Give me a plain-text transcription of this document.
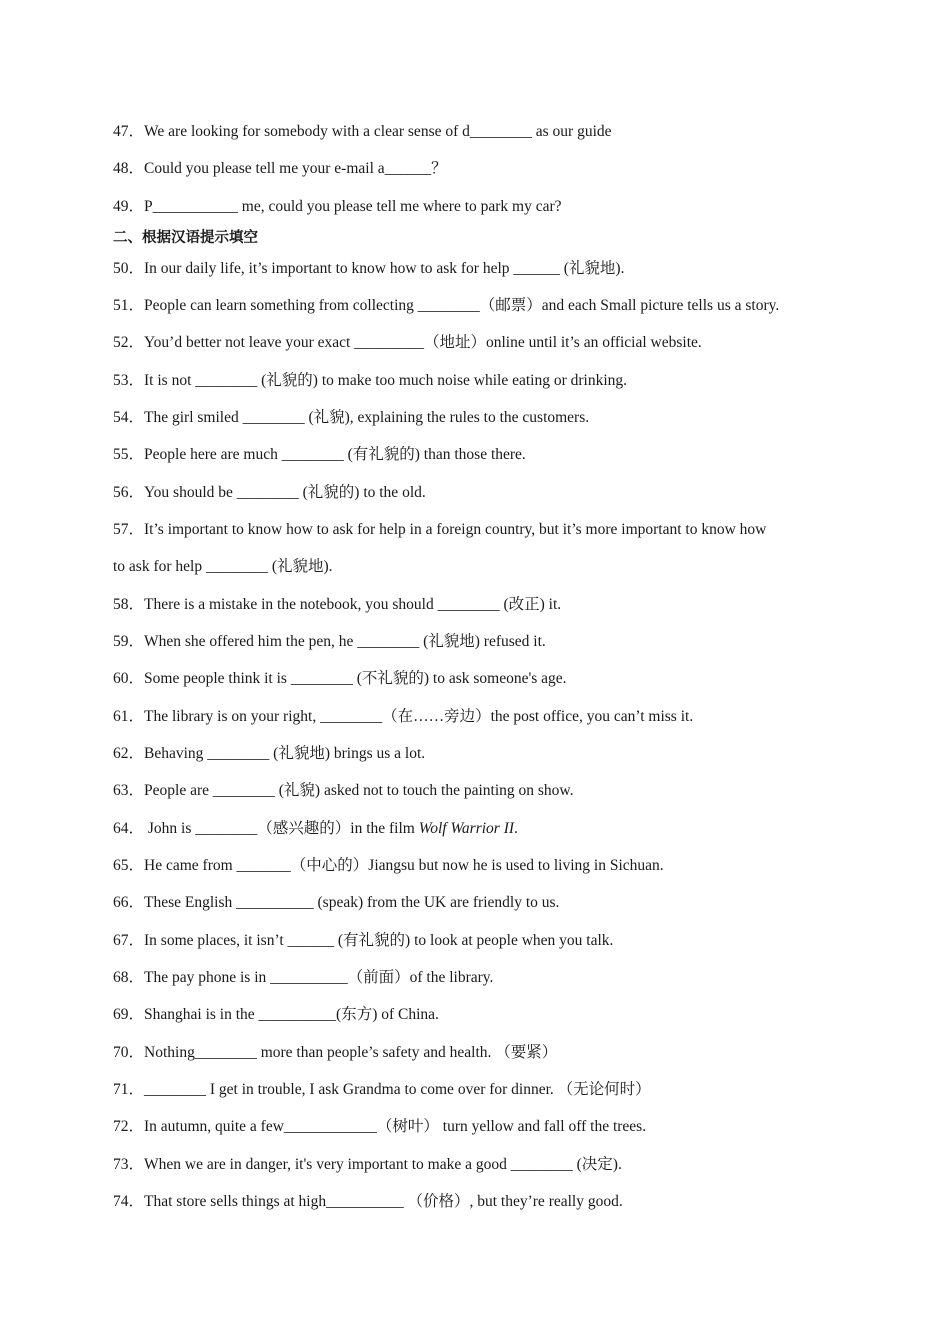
47．We are looking for somebody with a clear sense of d________ as our guide
48．Could you please tell me your e-mail a______？
49．P___________ me, could you please tell me where to park my car?
二、根据汉语提示填空
50．In our daily life, it’s important to know how to ask for help ______ (礼貌地).
51．People can learn something from collecting ________（邮票）and each Small picture tells us a story.
52．You’d better not leave your exact _________（地址）online until it’s an official website.
53．It is not ________ (礼貌的) to make too much noise while eating or drinking.
54．The girl smiled ________ (礼貌), explaining the rules to the customers.
55．People here are much ________ (有礼貌的) than those there.
56．You should be ________ (礼貌的) to the old.
57．It’s important to know how to ask for help in a foreign country, but it’s more important to know how
to ask for help ________ (礼貌地).
58．There is a mistake in the notebook, you should ________ (改正) it.
59．When she offered him the pen, he ________ (礼貌地) refused it.
60．Some people think it is ________ (不礼貌的) to ask someone's age.
61．The library is on your right, ________（在……旁边）the post office, you can’t miss it.
62．Behaving ________ (礼貌地) brings us a lot.
63．People are ________ (礼貌) asked not to touch the painting on show.
64． John is ________（感兴趣的）in the film Wolf Warrior II.
65．He came from _______（中心的）Jiangsu but now he is used to living in Sichuan.
66．These English __________ (speak) from the UK are friendly to us.
67．In some places, it isn’t ______ (有礼貌的) to look at people when you talk.
68．The pay phone is in __________（前面）of the library.
69．Shanghai is in the __________(东方) of China.
70．Nothing________ more than people’s safety and health. （要紧）
71．________ I get in trouble, I ask Grandma to come over for dinner. （无论何时）
72．In autumn, quite a few____________（树叶） turn yellow and fall off the trees.
73．When we are in danger, it's very important to make a good ________ (决定).
74．That store sells things at high__________ （价格）, but they’re really good.
